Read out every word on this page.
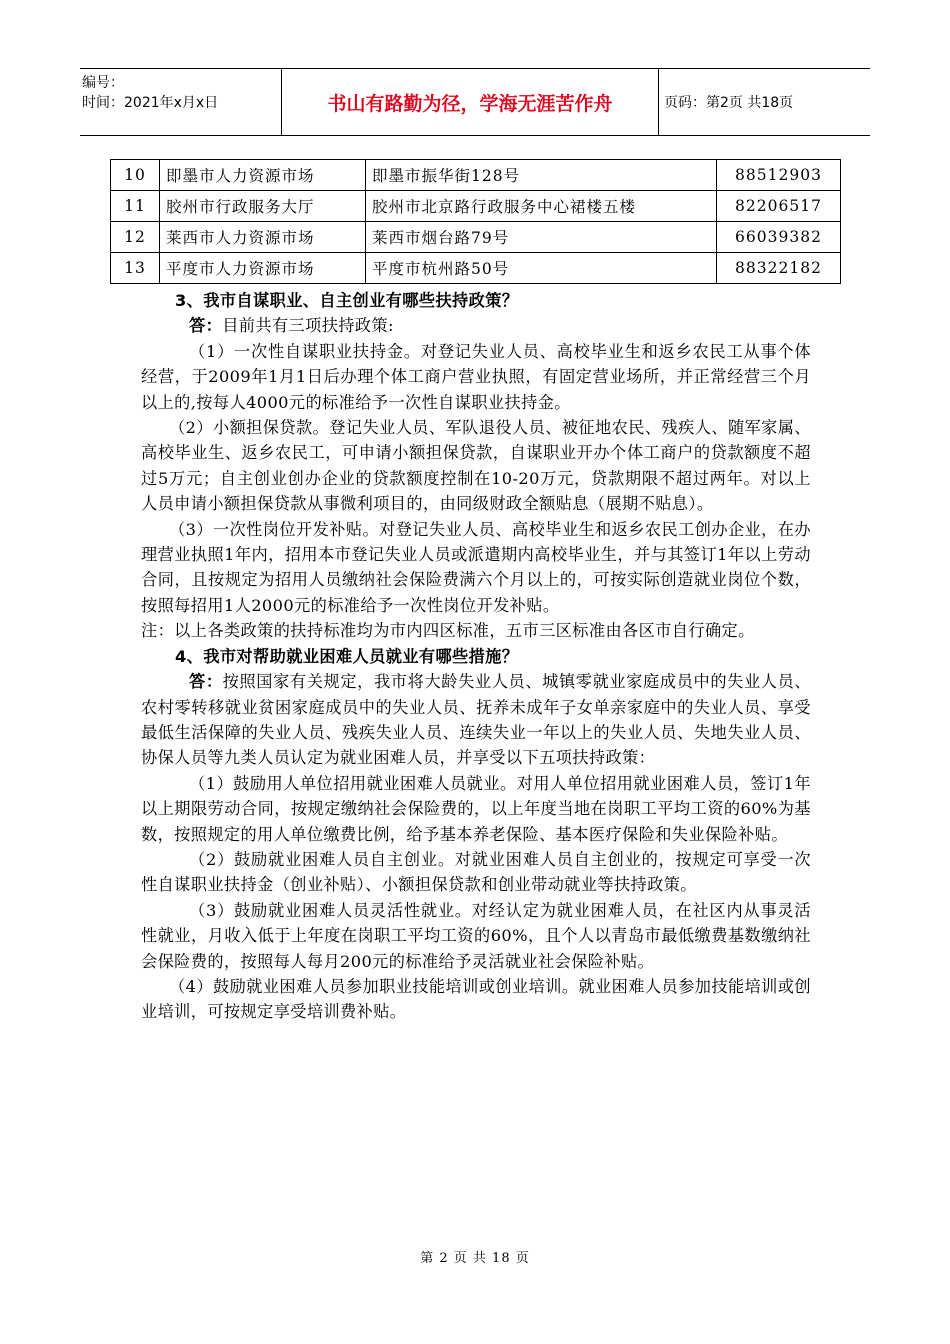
编号：
时间：2021年x月x日	书山有路勤为径，学海无涯苦作舟	页码：第2页 共18页
10	即墨市人力资源市场	即墨市振华街128号	88512903
11	胶州市行政服务大厅	胶州市北京路行政服务中心裙楼五楼	82206517
12	莱西市人力资源市场	莱西市烟台路79号	66039382
13	平度市人力资源市场	平度市杭州路50号	88322182

3、我市自谋职业、自主创业有哪些扶持政策？

答：目前共有三项扶持政策:

（1）一次性自谋职业扶持金。对登记失业人员、高校毕业生和返乡农民工从事个体经营，于2009年1月1日后办理个体工商户营业执照，有固定营业场所，并正常经营三个月以上的,按每人4000元的标准给予一次性自谋职业扶持金。

（2）小额担保贷款。登记失业人员、军队退役人员、被征地农民、残疾人、随军家属、高校毕业生、返乡农民工，可申请小额担保贷款，自谋职业开办个体工商户的贷款额度不超过5万元；自主创业创办企业的贷款额度控制在10-20万元，贷款期限不超过两年。对以上人员申请小额担保贷款从事微利项目的，由同级财政全额贴息（展期不贴息）。

（3）一次性岗位开发补贴。对登记失业人员、高校毕业生和返乡农民工创办企业，在办理营业执照1年内，招用本市登记失业人员或派遣期内高校毕业生，并与其签订1年以上劳动合同，且按规定为招用人员缴纳社会保险费满六个月以上的，可按实际创造就业岗位个数，按照每招用1人2000元的标准给予一次性岗位开发补贴。

注：以上各类政策的扶持标准均为市内四区标准，五市三区标准由各区市自行确定。

4、我市对帮助就业困难人员就业有哪些措施？

答：按照国家有关规定，我市将大龄失业人员、城镇零就业家庭成员中的失业人员、农村零转移就业贫困家庭成员中的失业人员、抚养未成年子女单亲家庭中的失业人员、享受最低生活保障的失业人员、残疾失业人员、连续失业一年以上的失业人员、失地失业人员、协保人员等九类人员认定为就业困难人员，并享受以下五项扶持政策：

（1）鼓励用人单位招用就业困难人员就业。对用人单位招用就业困难人员，签订1年以上期限劳动合同，按规定缴纳社会保险费的，以上年度当地在岗职工平均工资的60%为基数，按照规定的用人单位缴费比例，给予基本养老保险、基本医疗保险和失业保险补贴。

（2）鼓励就业困难人员自主创业。对就业困难人员自主创业的，按规定可享受一次性自谋职业扶持金（创业补贴）、小额担保贷款和创业带动就业等扶持政策。

（3）鼓励就业困难人员灵活性就业。对经认定为就业困难人员，在社区内从事灵活性就业，月收入低于上年度在岗职工平均工资的60%，且个人以青岛市最低缴费基数缴纳社会保险费的，按照每人每月200元的标准给予灵活就业社会保险补贴。

（4）鼓励就业困难人员参加职业技能培训或创业培训。就业困难人员参加技能培训或创业培训，可按规定享受培训费补贴。

第 2 页 共 18 页
